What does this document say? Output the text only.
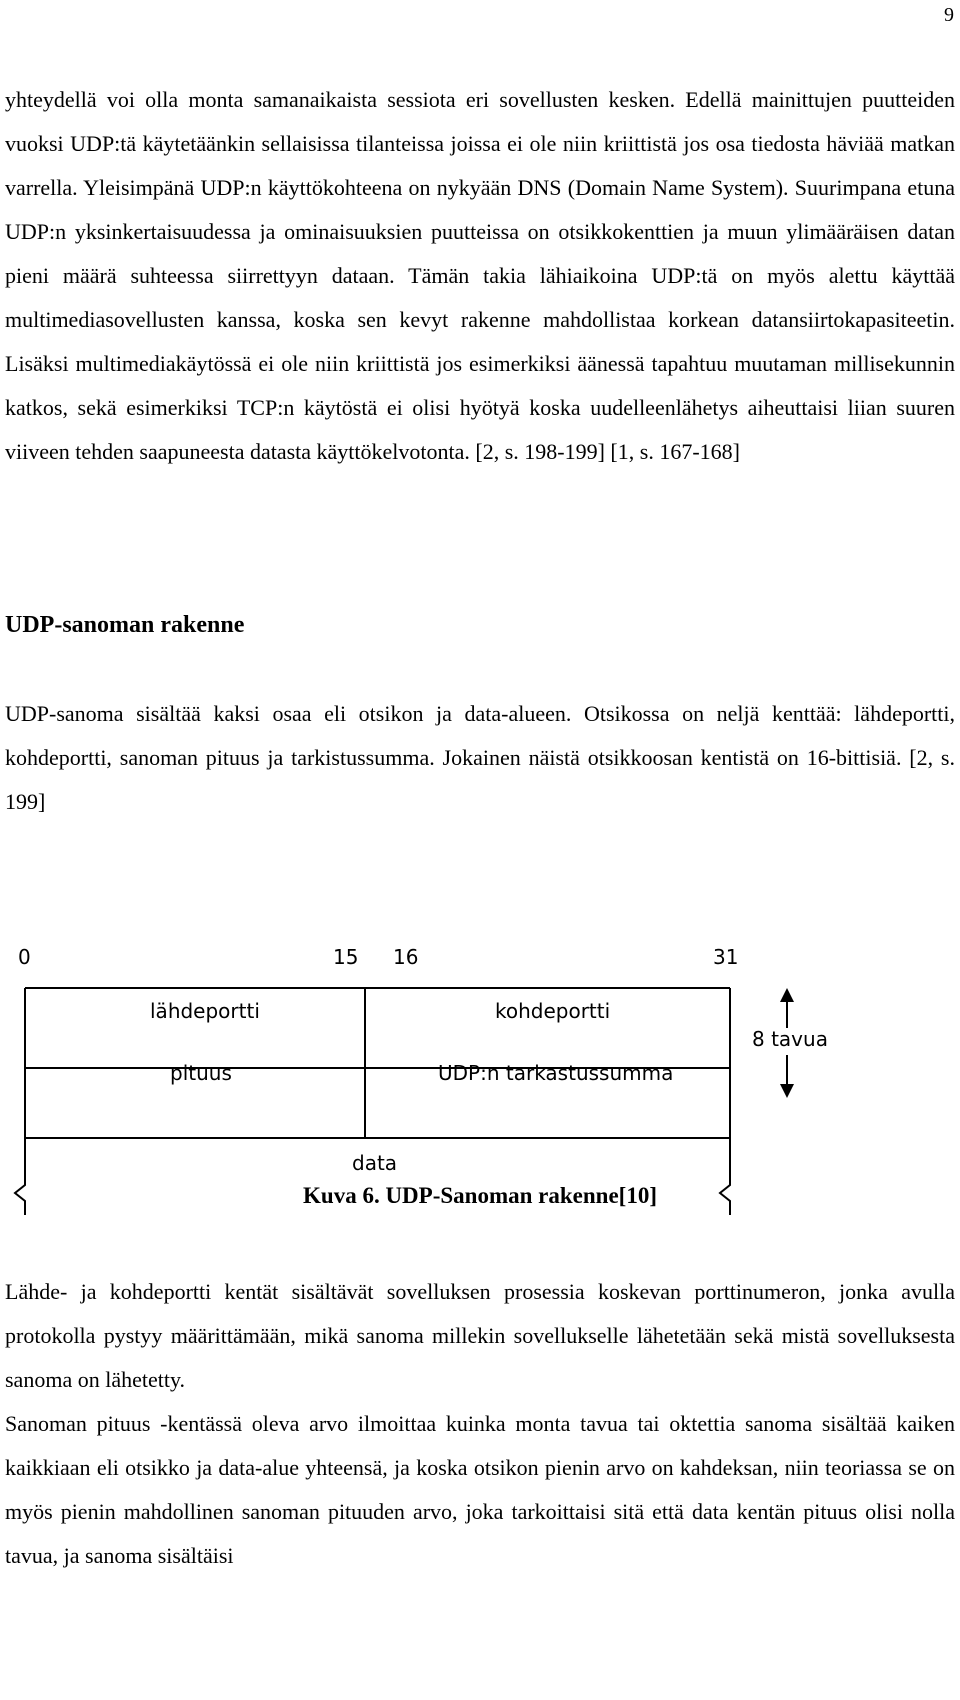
9

yhteydellä voi olla monta samanaikaista sessiota eri sovellusten kesken. Edellä mainittujen puutteiden vuoksi UDP:tä käytetäänkin sellaisissa tilanteissa joissa ei ole niin kriittistä jos osa tiedosta häviää matkan varrella. Yleisimpänä UDP:n käyttökohteena on nykyään DNS (Domain Name System). Suurimpana etuna UDP:n yksinkertaisuudessa ja ominaisuuksien puutteissa on otsikkokenttien ja muun ylimääräisen datan pieni määrä suhteessa siirrettyyn dataan. Tämän takia lähiaikoina UDP:tä on myös alettu käyttää multimediasovellusten kanssa, koska sen kevyt rakenne mahdollistaa korkean datansiirtokapasiteetin. Lisäksi multimediakäytössä ei ole niin kriittistä jos esimerkiksi äänessä tapahtuu muutaman millisekunnin katkos, sekä esimerkiksi TCP:n käytöstä ei olisi hyötyä koska uudelleenlähetys aiheuttaisi liian suuren viiveen tehden saapuneesta datasta käyttökelvotonta. [2, s. 198-199] [1, s. 167-168]

UDP-sanoman rakenne

UDP-sanoma sisältää kaksi osaa eli otsikon ja data-alueen. Otsikossa on neljä kenttää: lähdeportti, kohdeportti, sanoman pituus ja tarkistussumma. Jokainen näistä otsikkoosan kentistä on 16-bittisiä. [2, s. 199]

0	15 16	31
lähdeportti	kohdeportti
pituus	UDP:n tarkastussumma
data
8 tavua

Kuva 6. UDP-Sanoman rakenne[10]

Lähde- ja kohdeportti kentät sisältävät sovelluksen prosessia koskevan porttinumeron, jonka avulla protokolla pystyy määrittämään, mikä sanoma millekin sovellukselle lähetetään sekä mistä sovelluksesta sanoma on lähetetty.

Sanoman pituus -kentässä oleva arvo ilmoittaa kuinka monta tavua tai oktettia sanoma sisältää kaiken kaikkiaan eli otsikko ja data-alue yhteensä, ja koska otsikon pienin arvo on kahdeksan, niin teoriassa se on myös pienin mahdollinen sanoman pituuden arvo, joka tarkoittaisi sitä että data kentän pituus olisi nolla tavua, ja sanoma sisältäisi
